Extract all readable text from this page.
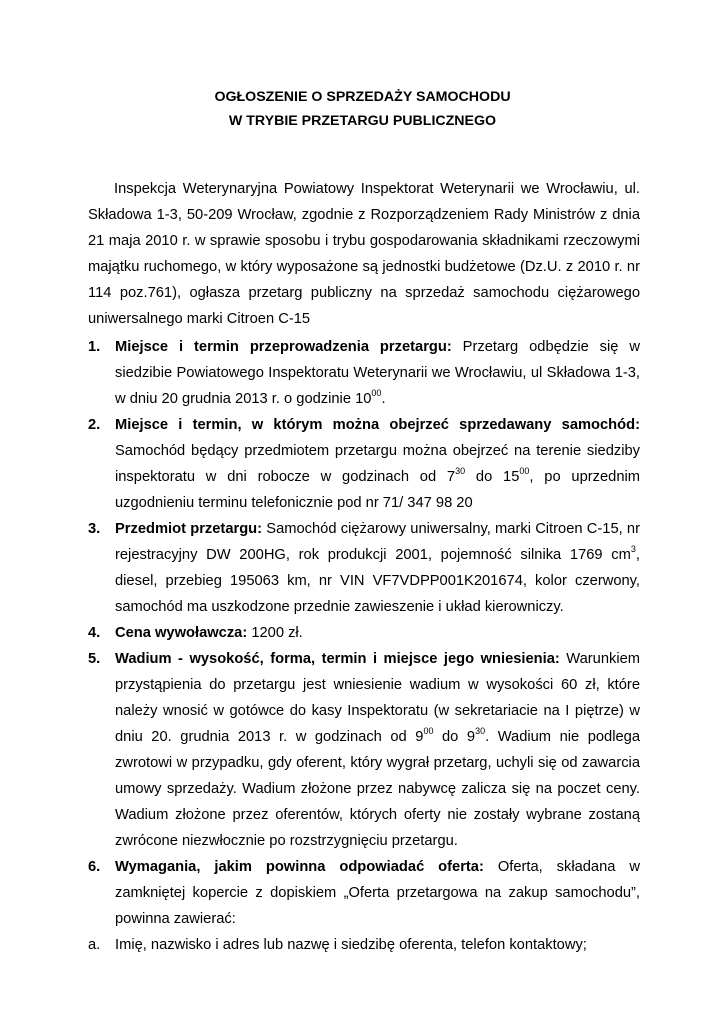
OGŁOSZENIE O SPRZEDAŻY SAMOCHODU
W TRYBIE PRZETARGU PUBLICZNEGO

Inspekcja Weterynaryjna Powiatowy Inspektorat Weterynarii we Wrocławiu, ul. Składowa 1-3, 50-209 Wrocław, zgodnie z Rozporządzeniem Rady Ministrów z dnia 21 maja 2010 r. w sprawie sposobu i trybu gospodarowania składnikami rzeczowymi majątku ruchomego, w który wyposażone są jednostki budżetowe (Dz.U. z 2010 r. nr 114 poz.761), ogłasza przetarg publiczny na sprzedaż samochodu ciężarowego uniwersalnego marki Citroen C-15

1. Miejsce i termin przeprowadzenia przetargu: Przetarg odbędzie się w siedzibie Powiatowego Inspektoratu Weterynarii we Wrocławiu, ul Składowa 1-3, w dniu 20 grudnia 2013 r. o godzinie $10^{00}$.

2. Miejsce i termin, w którym można obejrzeć sprzedawany samochód: Samochód będący przedmiotem przetargu można obejrzeć na terenie siedziby inspektoratu w dni robocze w godzinach od $7^{30}$ do $15^{00}$, po uprzednim uzgodnieniu terminu telefonicznie pod nr 71/ 347 98 20

3. Przedmiot przetargu: Samochód ciężarowy uniwersalny, marki Citroen C-15, nr rejestracyjny DW 200HG, rok produkcji 2001, pojemność silnika 1769 $cm^3$, diesel, przebieg 195063 km, nr VIN VF7VDPP001K201674, kolor czerwony, samochód ma uszkodzone przednie zawieszenie i układ kierowniczy.

4. Cena wywoławcza: 1200 zł.

5. Wadium - wysokość, forma, termin i miejsce jego wniesienia: Warunkiem przystąpienia do przetargu jest wniesienie wadium w wysokości 60 zł, które należy wnosić w gotówce do kasy Inspektoratu (w sekretariacie na I piętrze) w dniu 20. grudnia 2013 r. w godzinach od $9^{00}$ do $9^{30}$. Wadium nie podlega zwrotowi w przypadku, gdy oferent, który wygrał przetarg, uchyli się od zawarcia umowy sprzedaży. Wadium złożone przez nabywcę zalicza się na poczet ceny. Wadium złożone przez oferentów, których oferty nie zostały wybrane zostaną zwrócone niezwłocznie po rozstrzygnięciu przetargu.

6. Wymagania, jakim powinna odpowiadać oferta: Oferta, składana w zamkniętej kopercie z dopiskiem „Oferta przetargowa na zakup samochodu”, powinna zawierać:

a. Imię, nazwisko i adres lub nazwę i siedzibę oferenta, telefon kontaktowy;
